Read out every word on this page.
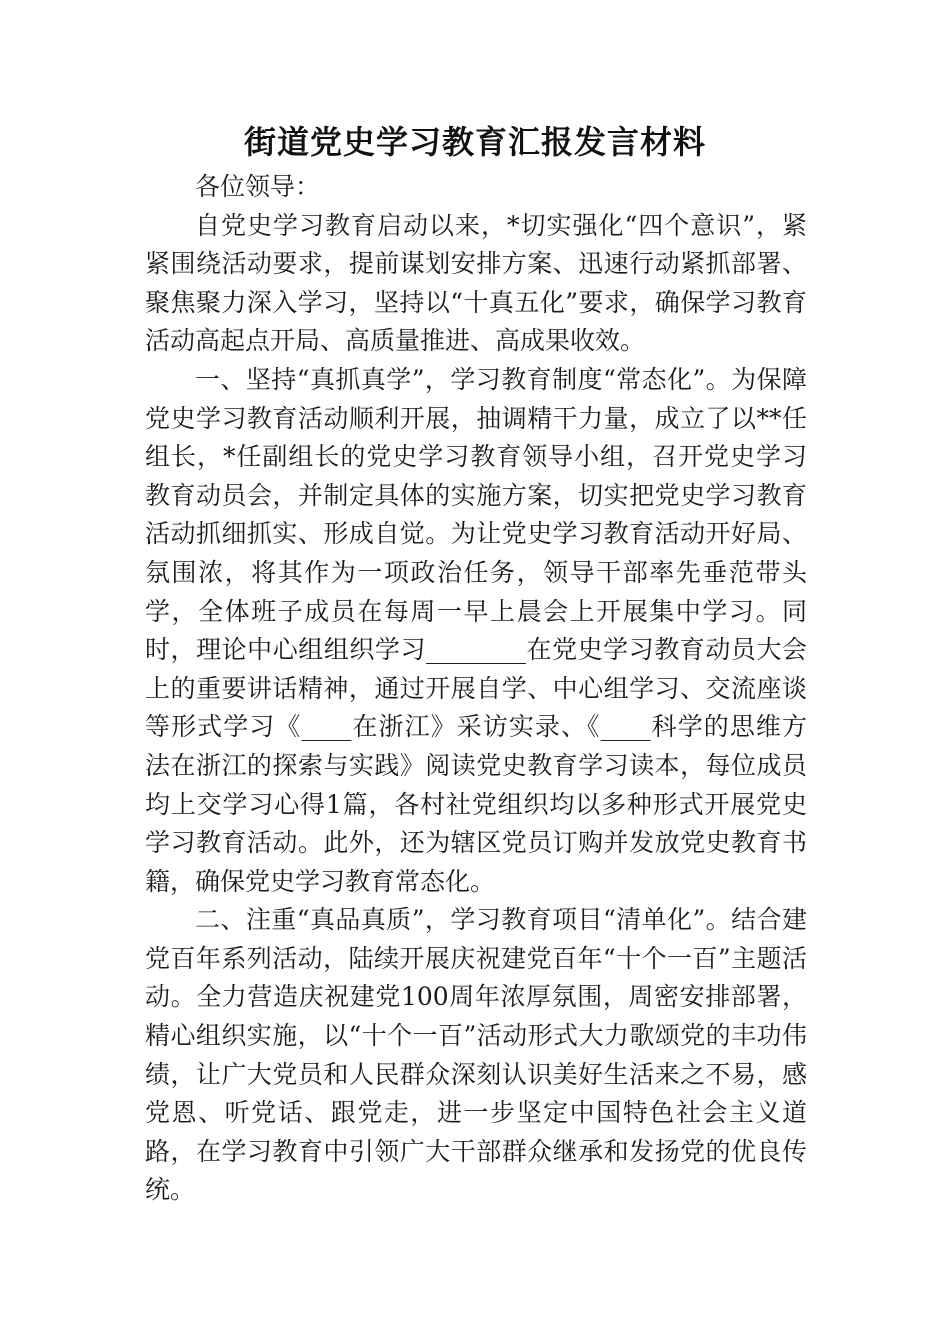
街道党史学习教育汇报发言材料

各位领导：

自党史学习教育启动以来，*切实强化“四个意识”，紧紧围绕活动要求，提前谋划安排方案、迅速行动紧抓部署、聚焦聚力深入学习，坚持以“十真五化”要求，确保学习教育活动高起点开局、高质量推进、高成果收效。

一、坚持“真抓真学”，学习教育制度“常态化”。为保障党史学习教育活动顺利开展，抽调精干力量，成立了以**任组长，*任副组长的党史学习教育领导小组，召开党史学习教育动员会，并制定具体的实施方案，切实把党史学习教育活动抓细抓实、形成自觉。为让党史学习教育活动开好局、氛围浓，将其作为一项政治任务，领导干部率先垂范带头学，全体班子成员在每周一早上晨会上开展集中学习。同时，理论中心组组织学习________在党史学习教育动员大会上的重要讲话精神，通过开展自学、中心组学习、交流座谈等形式学习《____在浙江》采访实录、《____科学的思维方法在浙江的探索与实践》阅读党史教育学习读本，每位成员均上交学习心得1篇，各村社党组织均以多种形式开展党史学习教育活动。此外，还为辖区党员订购并发放党史教育书籍，确保党史学习教育常态化。

二、注重“真品真质”，学习教育项目“清单化”。结合建党百年系列活动，陆续开展庆祝建党百年“十个一百”主题活动。全力营造庆祝建党100周年浓厚氛围，周密安排部署，精心组织实施，以“十个一百”活动形式大力歌颂党的丰功伟绩，让广大党员和人民群众深刻认识美好生活来之不易，感党恩、听党话、跟党走，进一步坚定中国特色社会主义道路，在学习教育中引领广大干部群众继承和发扬党的优良传统。
